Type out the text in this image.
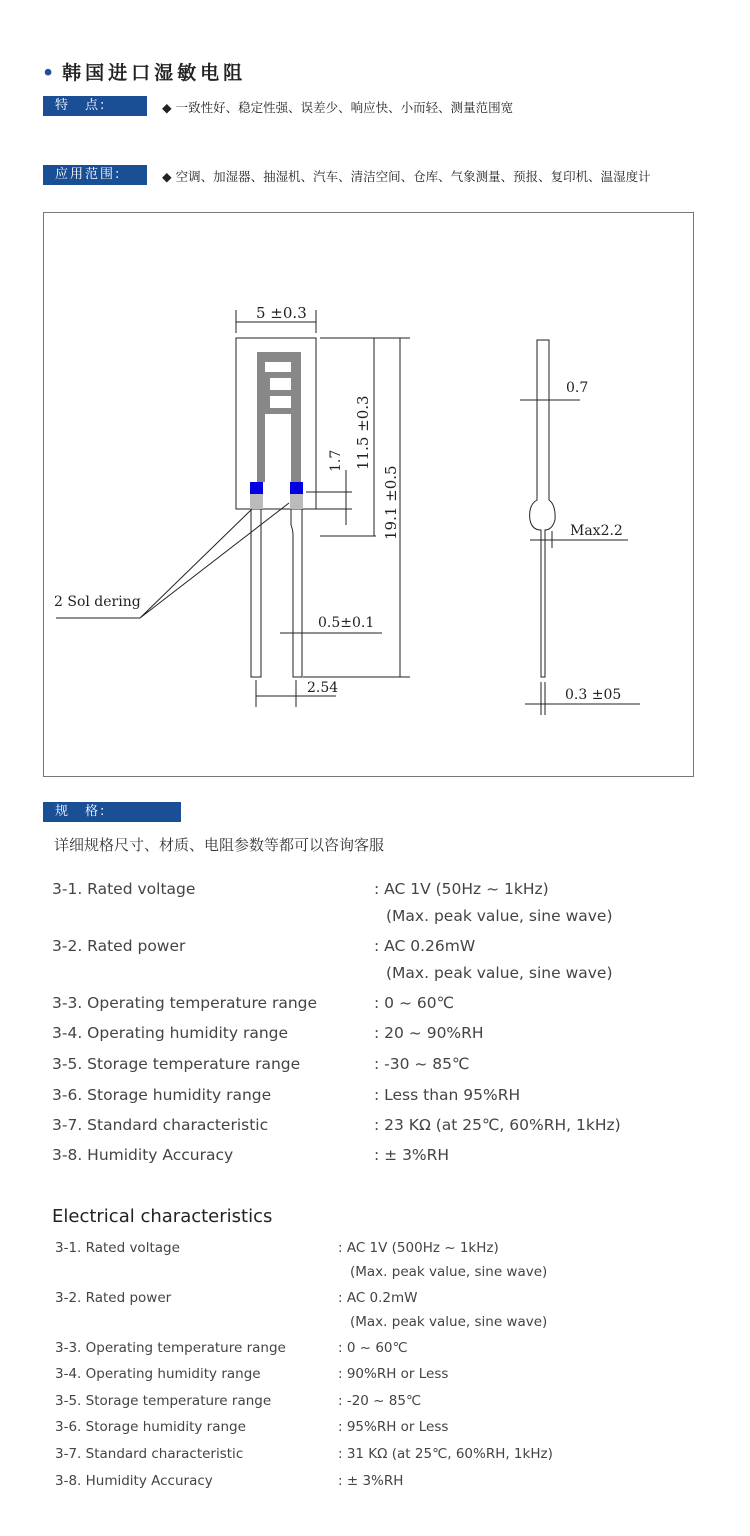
• 韩国进口湿敏电阻
特　点:	◆ 一致性好、稳定性强、误差少、响应快、小而轻、测量范围宽
应用范围:	◆ 空调、加湿器、抽湿机、汽车、清洁空间、仓库、气象测量、预报、复印机、温湿度计
5 ±0.3
11.5 ±0.3
19.1 ±0.5
1.7
2 Sol dering
0.5±0.1
2.54
0.7
Max2.2
0.3 ±05
规　格:
详细规格尺寸、材质、电阻参数等都可以咨询客服
3-1. Rated voltage	: AC 1V (50Hz ~ 1kHz)
(Max. peak value, sine wave)
3-2. Rated power	: AC 0.26mW
(Max. peak value, sine wave)
3-3. Operating temperature range	: 0 ~ 60℃
3-4. Operating humidity range	: 20 ~ 90%RH
3-5. Storage temperature range	: -30 ~ 85℃
3-6. Storage humidity range	: Less than 95%RH
3-7. Standard characteristic	: 23 KΩ (at 25℃, 60%RH, 1kHz)
3-8. Humidity Accuracy	: ± 3%RH
Electrical characteristics
3-1. Rated voltage	: AC 1V (500Hz ~ 1kHz)
(Max. peak value, sine wave)
3-2. Rated power	: AC 0.2mW
(Max. peak value, sine wave)
3-3. Operating temperature range	: 0 ~ 60℃
3-4. Operating humidity range	: 90%RH or Less
3-5. Storage temperature range	: -20 ~ 85℃
3-6. Storage humidity range	: 95%RH or Less
3-7. Standard characteristic	: 31 KΩ (at 25℃, 60%RH, 1kHz)
3-8. Humidity Accuracy	: ± 3%RH
